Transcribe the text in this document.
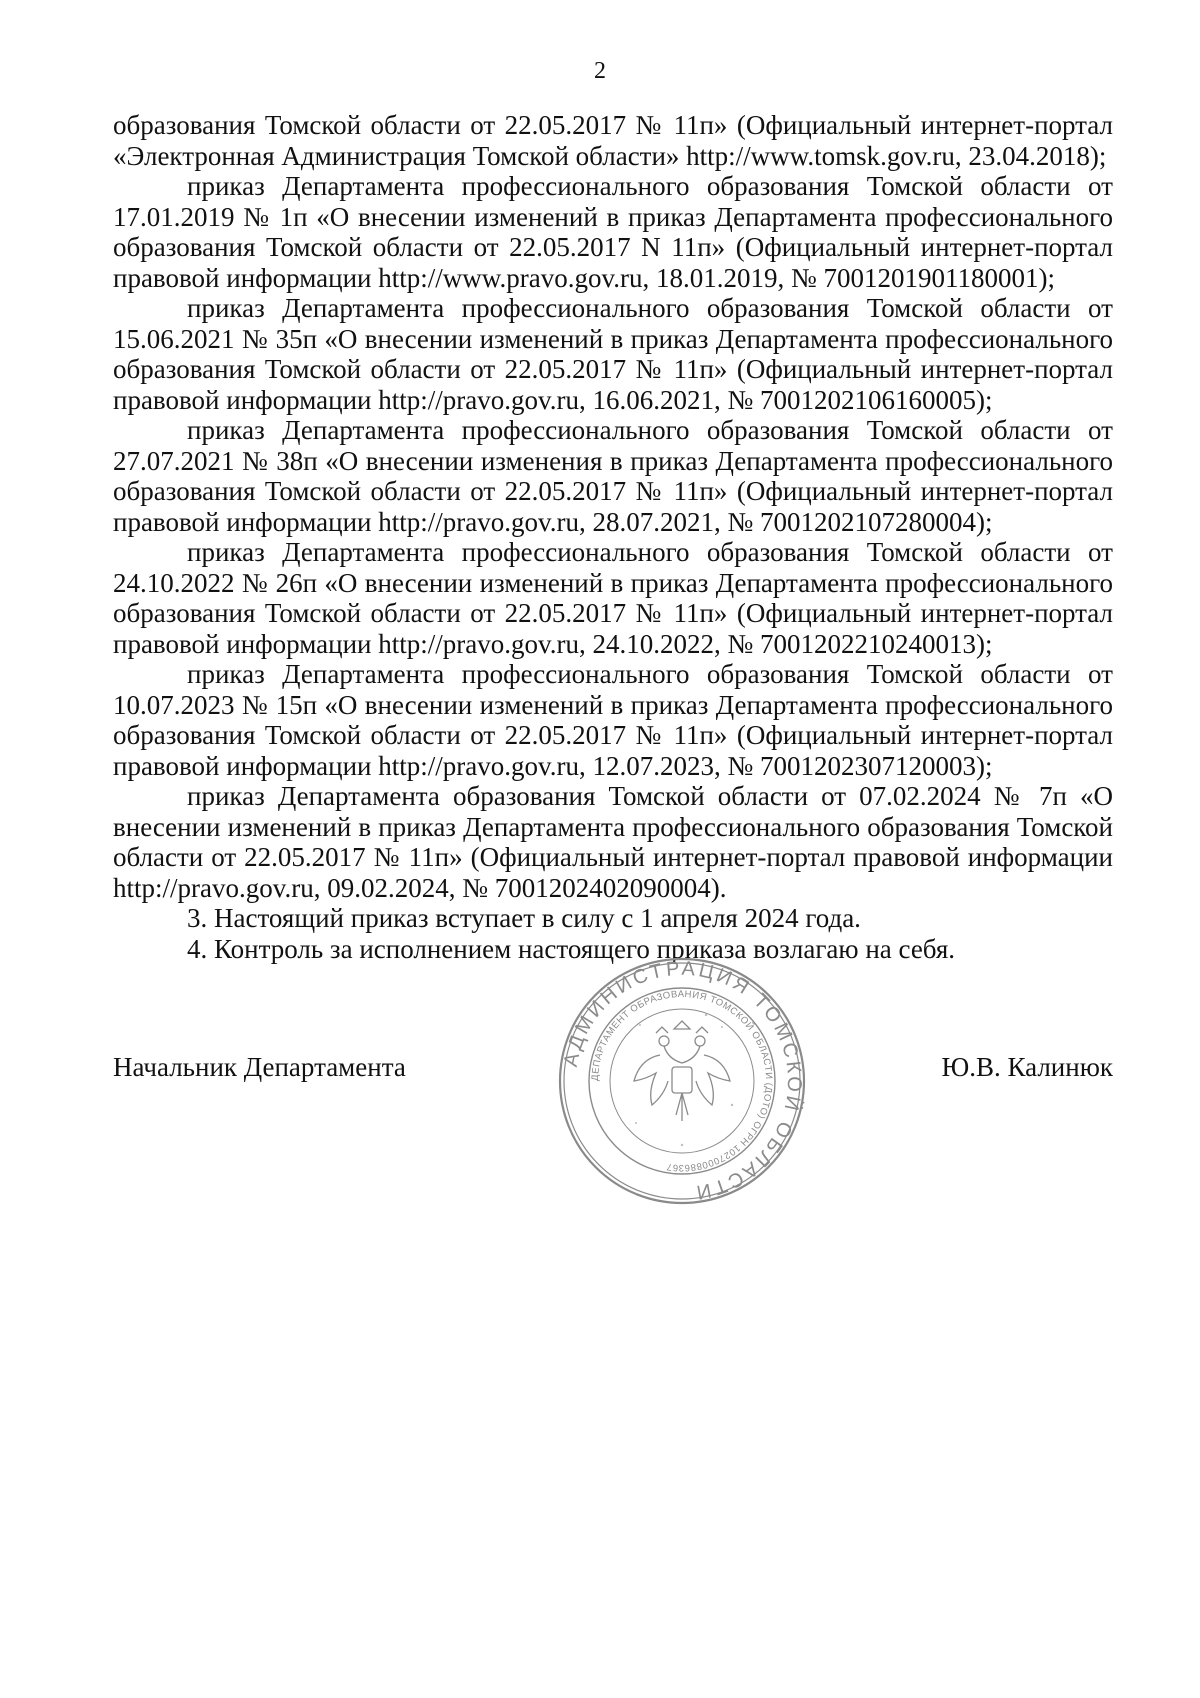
2

образования Томской области от 22.05.2017 № 11п» (Официальный интернет-портал «Электронная Администрация Томской области» http://www.tomsk.gov.ru, 23.04.2018);

приказ Департамента профессионального образования Томской области от 17.01.2019 № 1п «О внесении изменений в приказ Департамента профессионального образования Томской области от 22.05.2017 N 11п» (Официальный интернет-портал правовой информации http://www.pravo.gov.ru, 18.01.2019, № 7001201901180001);

приказ Департамента профессионального образования Томской области от 15.06.2021 № 35п «О внесении изменений в приказ Департамента профессионального образования Томской области от 22.05.2017 № 11п» (Официальный интернет-портал правовой информации http://pravo.gov.ru, 16.06.2021, № 7001202106160005);

приказ Департамента профессионального образования Томской области от 27.07.2021 № 38п «О внесении изменения в приказ Департамента профессионального образования Томской области от 22.05.2017 № 11п» (Официальный интернет-портал правовой информации http://pravo.gov.ru, 28.07.2021, № 7001202107280004);

приказ Департамента профессионального образования Томской области от 24.10.2022 № 26п «О внесении изменений в приказ Департамента профессионального образования Томской области от 22.05.2017 № 11п» (Официальный интернет-портал правовой информации http://pravo.gov.ru, 24.10.2022, № 7001202210240013);

приказ Департамента профессионального образования Томской области от 10.07.2023 № 15п «О внесении изменений в приказ Департамента профессионального образования Томской области от 22.05.2017 № 11п» (Официальный интернет-портал правовой информации http://pravo.gov.ru, 12.07.2023, № 7001202307120003);

приказ Департамента образования Томской области от 07.02.2024 № 7п «О внесении изменений в приказ Департамента профессионального образования Томской области от 22.05.2017 № 11п» (Официальный интернет-портал правовой информации http://pravo.gov.ru, 09.02.2024, № 7001202402090004).

3. Настоящий приказ вступает в силу с 1 апреля 2024 года.

4. Контроль за исполнением настоящего приказа возлагаю на себя.

Начальник Департамента	Ю.В. Калинюк
АДМИНИСТРАЦИЯ ТОМСКОЙ ОБЛАСТИ
ДЕПАРТАМЕНТ ОБРАЗОВАНИЯ ТОМСКОЙ ОБЛАСТИ (ДОТО) ОГРН 1027000886367
